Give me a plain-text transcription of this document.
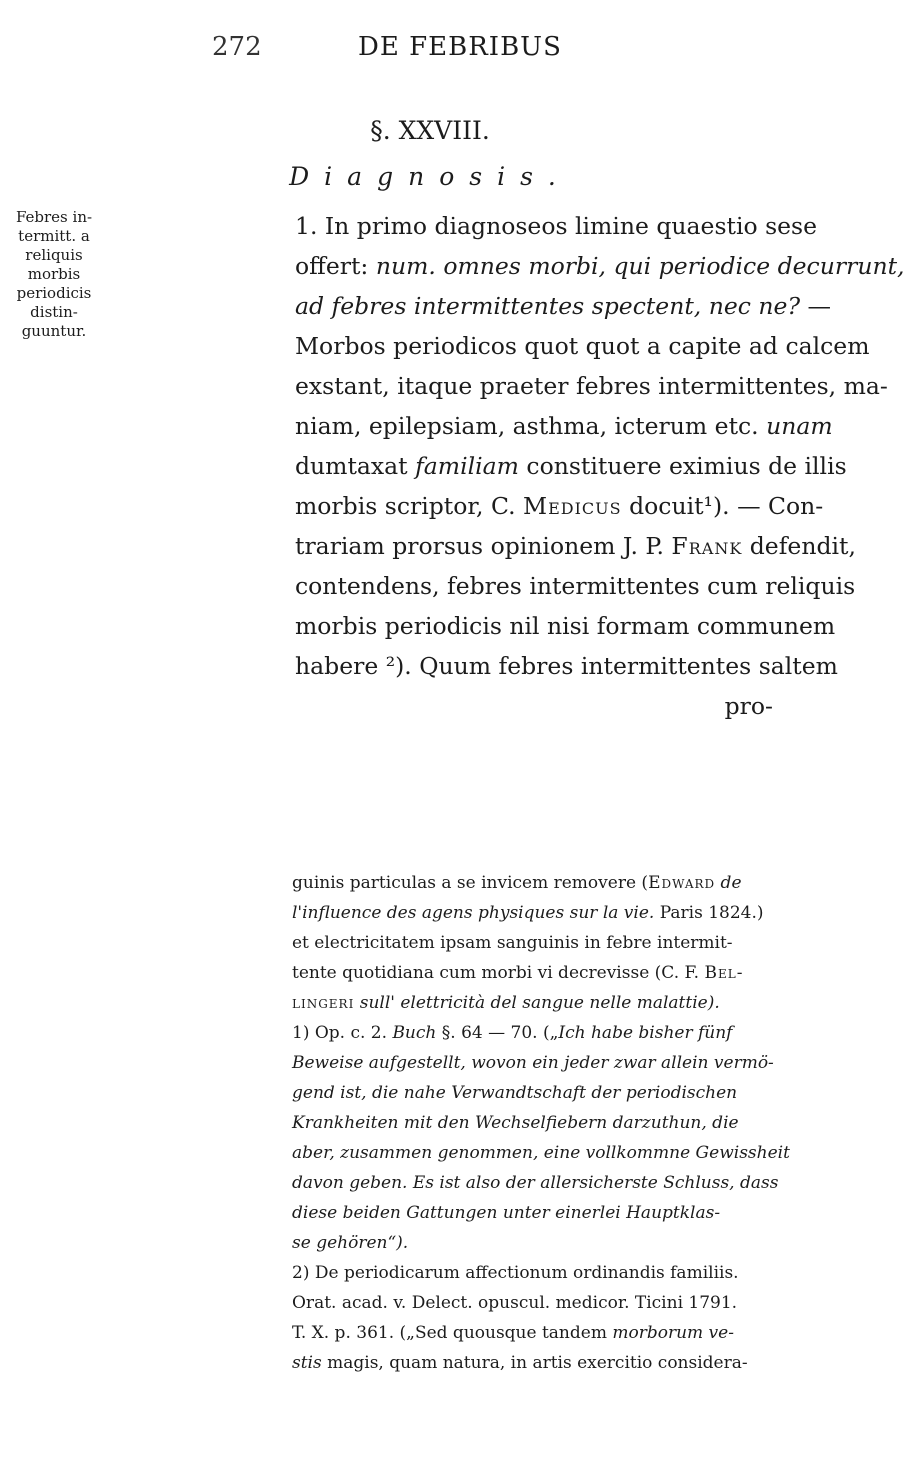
272	DE FEBRIBUS
§. XXVIII.
Diagnosis.
Febres in-
termitt. a
reliquis
morbis
periodicis
distin-
guuntur.
1. In primo diagnoseos limine quaestio sese
offert: num. omnes morbi, qui periodice decurrunt,
ad febres intermittentes spectent, nec ne? —
Morbos periodicos quot quot a capite ad calcem
exstant, itaque praeter febres intermittentes, ma-
niam, epilepsiam, asthma, icterum etc. unam
dumtaxat familiam constituere eximius de illis
morbis scriptor, C. Medicus docuit¹). — Con-
trariam prorsus opinionem J. P. Frank defendit,
contendens, febres intermittentes cum reliquis
morbis periodicis nil nisi formam communem
habere ²). Quum febres intermittentes saltem
pro-
guinis particulas a se invicem removere (Edward de
l'influence des agens physiques sur la vie. Paris 1824.)
et electricitatem ipsam sanguinis in febre intermit-
tente quotidiana cum morbi vi decrevisse (C. F. Bel-
lingeri sull' elettricità del sangue nelle malattie).
1) Op. c. 2. Buch §. 64 — 70. („Ich habe bisher fünf
Beweise aufgestellt, wovon ein jeder zwar allein vermö-
gend ist, die nahe Verwandtschaft der periodischen
Krankheiten mit den Wechselfiebern darzuthun, die
aber, zusammen genommen, eine vollkommne Gewissheit
davon geben. Es ist also der allersicherste Schluss, dass
diese beiden Gattungen unter einerlei Hauptklas-
se gehören“).
2) De periodicarum affectionum ordinandis familiis.
Orat. acad. v. Delect. opuscul. medicor. Ticini 1791.
T. X. p. 361. („Sed quousque tandem morborum ve-
stis magis, quam natura, in artis exercitio considera-
